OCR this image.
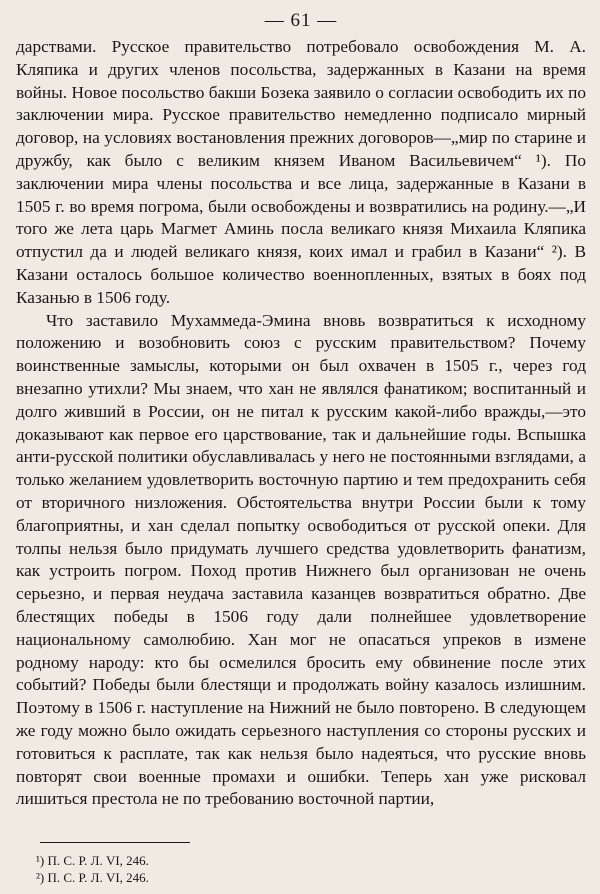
— 61 —

дарствами. Русское правительство потребовало освобождения М. А. Кляпика и других членов посольства, задержанных в Казани на время войны. Новое посольство бакши Бозека заявило о согласии освободить их по заключении мира. Русское правительство немедленно подписало мирный договор, на условиях востановления прежних договоров—„мир по старине и дружбу, как было с великим князем Иваном Васильевичем“ ¹). По заключении мира члены посольства и все лица, задержанные в Казани в 1505 г. во время погрома, были освобождены и возвратились на родину.—„И того же лета царь Магмет Аминь посла великаго князя Михаила Кляпика отпустил да и людей великаго князя, коих имал и грабил в Казани“ ²). В Казани осталось большое количество военнопленных, взятых в боях под Казанью в 1506 году.

Что заставило Мухаммеда-Эмина вновь возвратиться к исходному положению и возобновить союз с русским правительством? Почему воинственные замыслы, которыми он был охвачен в 1505 г., через год внезапно утихли? Мы знаем, что хан не являлся фанатиком; воспитанный и долго живший в России, он не питал к русским какой-либо вражды,—это доказывают как первое его царствование, так и дальнейшие годы. Вспышка анти-русской политики обуславливалась у него не постоянными взглядами, а только желанием удовлетворить восточную партию и тем предохранить себя от вторичного низложения. Обстоятельства внутри России были к тому благоприятны, и хан сделал попытку освободиться от русской опеки. Для толпы нельзя было придумать лучшего средства удовлетворить фанатизм, как устроить погром. Поход против Нижнего был организован не очень серьезно, и первая неудача заставила казанцев возвратиться обратно. Две блестящих победы в 1506 году дали полнейшее удовлетворение национальному самолюбию. Хан мог не опасаться упреков в измене родному народу: кто бы осмелился бросить ему обвинение после этих событий? Победы были блестящи и продолжать войну казалось излишним. Поэтому в 1506 г. наступление на Нижний не было повторено. В следующем же году можно было ожидать серьезного наступления со стороны русских и готовиться к расплате, так как нельзя было надеяться, что русские вновь повторят свои военные промахи и ошибки. Теперь хан уже рисковал лишиться престола не по требованию восточной партии,

¹) П. С. Р. Л. VI, 246.

²) П. С. Р. Л. VI, 246.
